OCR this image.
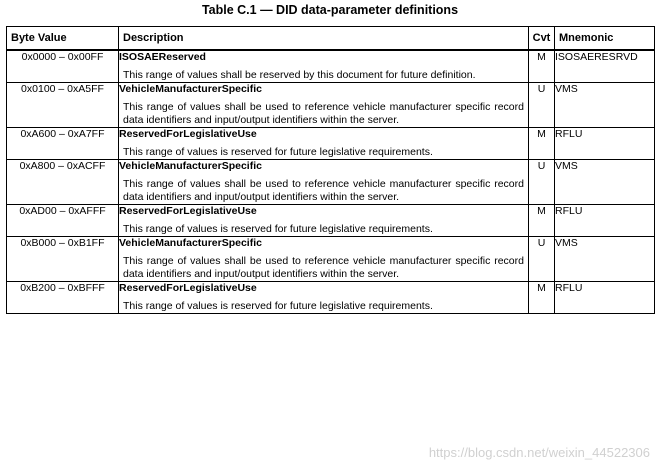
Table C.1 — DID data-parameter definitions
Byte Value	Description	Cvt	Mnemonic
0x0000 – 0x00FF	ISOSAEReserved
This range of values shall be reserved by this document for future definition.	M	ISOSAERESRVD
0x0100 – 0xA5FF	VehicleManufacturerSpecific
This range of values shall be used to reference vehicle manufacturer specific record data identifiers and input/output identifiers within the server.	U	VMS
0xA600 – 0xA7FF	ReservedForLegislativeUse
This range of values is reserved for future legislative requirements.	M	RFLU
0xA800 – 0xACFF	VehicleManufacturerSpecific
This range of values shall be used to reference vehicle manufacturer specific record data identifiers and input/output identifiers within the server.	U	VMS
0xAD00 – 0xAFFF	ReservedForLegislativeUse
This range of values is reserved for future legislative requirements.	M	RFLU
0xB000 – 0xB1FF	VehicleManufacturerSpecific
This range of values shall be used to reference vehicle manufacturer specific record data identifiers and input/output identifiers within the server.	U	VMS
0xB200 – 0xBFFF	ReservedForLegislativeUse
This range of values is reserved for future legislative requirements.	M	RFLU
https://blog.csdn.net/weixin_44522306
